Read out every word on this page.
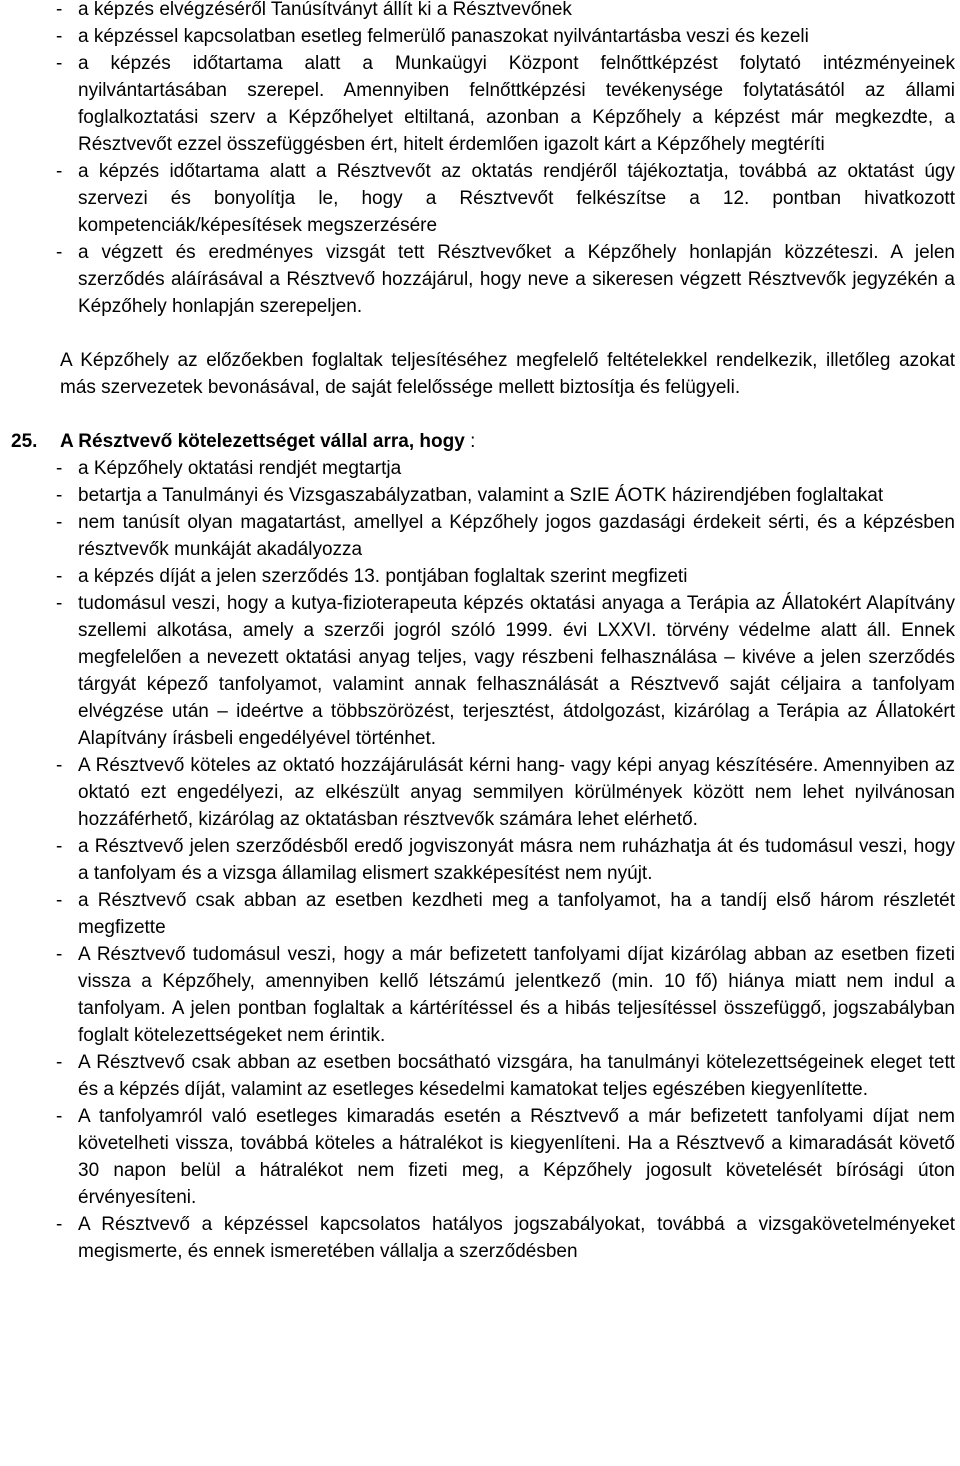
- a képzés elvégzéséről Tanúsítványt állít ki a Résztvevőnek
- a képzéssel kapcsolatban esetleg felmerülő panaszokat nyilvántartásba veszi és kezeli
- a képzés időtartama alatt a Munkaügyi Központ felnőttképzést folytató intézményeinek nyilvántartásában szerepel. Amennyiben felnőttképzési tevékenysége folytatásától az állami foglalkoztatási szerv a Képzőhelyet eltiltaná, azonban a Képzőhely a képzést már megkezdte, a Résztvevőt ezzel összefüggésben ért, hitelt érdemlően igazolt kárt a Képzőhely megtéríti
- a képzés időtartama alatt a Résztvevőt az oktatás rendjéről tájékoztatja, továbbá az oktatást úgy szervezi és bonyolítja le, hogy a Résztvevőt felkészítse a 12. pontban hivatkozott kompetenciák/képesítések megszerzésére
- a végzett és eredményes vizsgát tett Résztvevőket a Képzőhely honlapján közzéteszi. A jelen szerződés aláírásával a Résztvevő hozzájárul, hogy neve a sikeresen végzett Résztvevők jegyzékén a Képzőhely honlapján szerepeljen.
A Képzőhely az előzőekben foglaltak teljesítéséhez megfelelő feltételekkel rendelkezik, illetőleg azokat más szervezetek bevonásával, de saját felelőssége mellett biztosítja és felügyeli.
25. A Résztvevő kötelezettséget vállal arra, hogy :
- a Képzőhely oktatási rendjét megtartja
- betartja a Tanulmányi és Vizsgaszabályzatban, valamint a SzIE ÁOTK házirendjében foglaltakat
- nem tanúsít olyan magatartást, amellyel a Képzőhely jogos gazdasági érdekeit sérti, és a képzésben résztvevők munkáját akadályozza
- a képzés díját a jelen szerződés 13. pontjában foglaltak szerint megfizeti
- tudomásul veszi, hogy a kutya-fizioterapeuta képzés oktatási anyaga a Terápia az Állatokért Alapítvány szellemi alkotása, amely a szerzői jogról szóló 1999. évi LXXVI. törvény védelme alatt áll. Ennek megfelelően a nevezett oktatási anyag teljes, vagy részbeni felhasználása – kivéve a jelen szerződés tárgyát képező tanfolyamot, valamint annak felhasználását a Résztvevő saját céljaira a tanfolyam elvégzése után – ideértve a többszörözést, terjesztést, átdolgozást, kizárólag a Terápia az Állatokért Alapítvány írásbeli engedélyével történhet.
- A Résztvevő köteles az oktató hozzájárulását kérni hang- vagy képi anyag készítésére. Amennyiben az oktató ezt engedélyezi, az elkészült anyag semmilyen körülmények között nem lehet nyilvánosan hozzáférhető, kizárólag az oktatásban résztvevők számára lehet elérhető.
- a Résztvevő jelen szerződésből eredő jogviszonyát másra nem ruházhatja át és tudomásul veszi, hogy a tanfolyam és a vizsga államilag elismert szakképesítést nem nyújt.
- a Résztvevő csak abban az esetben kezdheti meg a tanfolyamot, ha a tandíj első három részletét megfizette
- A Résztvevő tudomásul veszi, hogy a már befizetett tanfolyami díjat kizárólag abban az esetben fizeti vissza a Képzőhely, amennyiben kellő létszámú jelentkező (min. 10 fő) hiánya miatt nem indul a tanfolyam. A jelen pontban foglaltak a kártérítéssel és a hibás teljesítéssel összefüggő, jogszabályban foglalt kötelezettségeket nem érintik.
- A Résztvevő csak abban az esetben bocsátható vizsgára, ha tanulmányi kötelezettségeinek eleget tett és a képzés díját, valamint az esetleges késedelmi kamatokat teljes egészében kiegyenlítette.
- A tanfolyamról való esetleges kimaradás esetén a Résztvevő a már befizetett tanfolyami díjat nem követelheti vissza, továbbá köteles a hátralékot is kiegyenlíteni. Ha a Résztvevő a kimaradását követő 30 napon belül a hátralékot nem fizeti meg, a Képzőhely jogosult követelését bírósági úton érvényesíteni.
- A Résztvevő a képzéssel kapcsolatos hatályos jogszabályokat, továbbá a vizsgakövetelményeket megismerte, és ennek ismeretében vállalja a szerződésben
